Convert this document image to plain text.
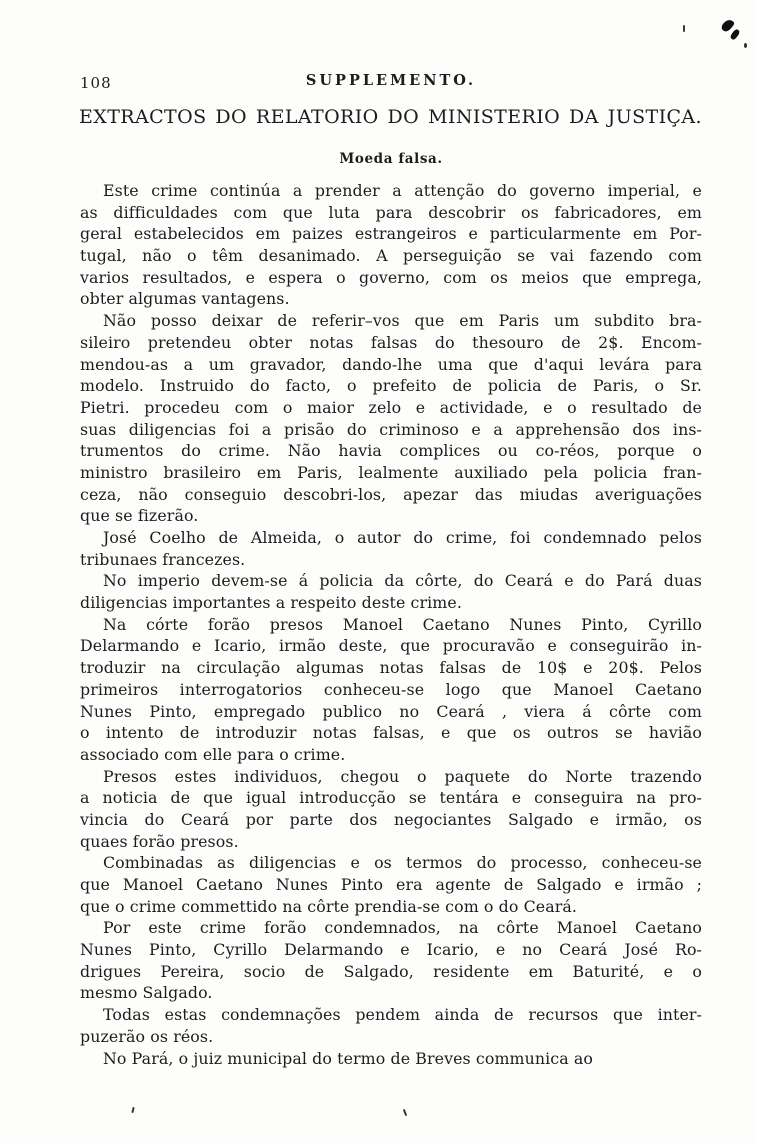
108	SUPPLEMENTO.
EXTRACTOS DO RELATORIO DO MINISTERIO DA JUSTIÇA.
Moeda falsa.

Este crime continúa a prender a attenção do governo imperial, e
as difficuldades com que luta para descobrir os fabricadores, em
geral estabelecidos em paizes estrangeiros e particularmente em Por-
tugal, não o têm desanimado. A perseguição se vai fazendo com
varios resultados, e espera o governo, com os meios que emprega,
obter algumas vantagens.

Não posso deixar de referir–vos que em Paris um subdito bra-
sileiro pretendeu obter notas falsas do thesouro de 2$. Encom-
mendou-as a um gravador, dando-lhe uma que d'aqui levára para
modelo. Instruido do facto, o prefeito de policia de Paris, o Sr.
Pietri. procedeu com o maior zelo e actividade, e o resultado de
suas diligencias foi a prisão do criminoso e a apprehensão dos ins-
trumentos do crime. Não havia complices ou co-réos, porque o
ministro brasileiro em Paris, lealmente auxiliado pela policia fran-
ceza, não conseguio descobri-los, apezar das miudas averiguações
que se fizerão.

José Coelho de Almeida, o autor do crime, foi condemnado pelos
tribunaes francezes.

No imperio devem-se á policia da côrte, do Ceará e do Pará duas
diligencias importantes a respeito deste crime.

Na córte forão presos Manoel Caetano Nunes Pinto, Cyrillo
Delarmando e Icario, irmão deste, que procuravão e conseguirão in-
troduzir na circulação algumas notas falsas de 10$ e 20$. Pelos
primeiros interrogatorios conheceu-se logo que Manoel Caetano
Nunes Pinto, empregado publico no Ceará , viera á côrte com
o intento de introduzir notas falsas, e que os outros se havião
associado com elle para o crime.

Presos estes individuos, chegou o paquete do Norte trazendo
a noticia de que igual introducção se tentára e conseguira na pro-
vincia do Ceará por parte dos negociantes Salgado e irmão, os
quaes forão presos.

Combinadas as diligencias e os termos do processo, conheceu-se
que Manoel Caetano Nunes Pinto era agente de Salgado e irmão ;
que o crime commettido na côrte prendia-se com o do Ceará.

Por este crime forão condemnados, na côrte Manoel Caetano
Nunes Pinto, Cyrillo Delarmando e Icario, e no Ceará José Ro-
drigues Pereira, socio de Salgado, residente em Baturité, e o
mesmo Salgado.

Todas estas condemnações pendem ainda de recursos que inter-
puzerão os réos.

No Pará, o juiz municipal do termo de Breves communica ao
